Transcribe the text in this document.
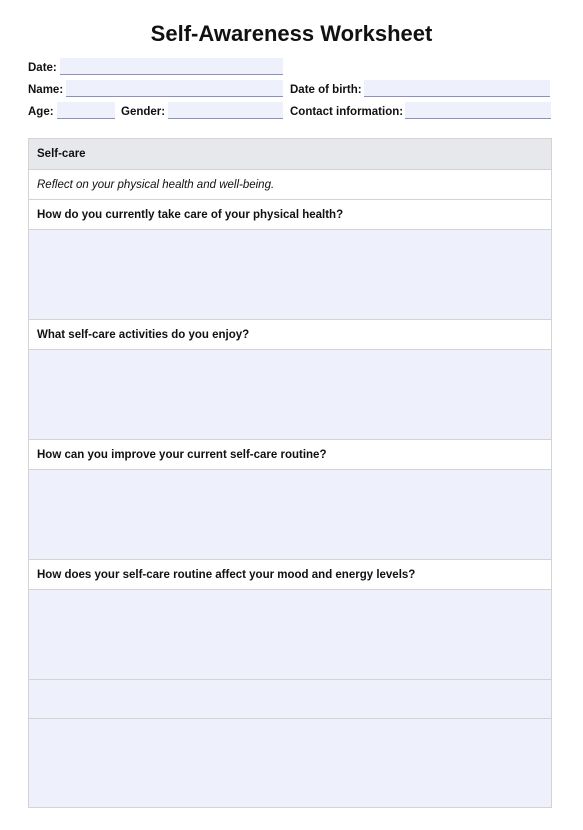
Self-Awareness Worksheet
Date:
Name:	Date of birth:
Age:	Gender:	Contact information:
Self-care
Reflect on your physical health and well-being.
How do you currently take care of your physical health?
What self-care activities do you enjoy?
How can you improve your current self-care routine?
How does your self-care routine affect your mood and energy levels?
